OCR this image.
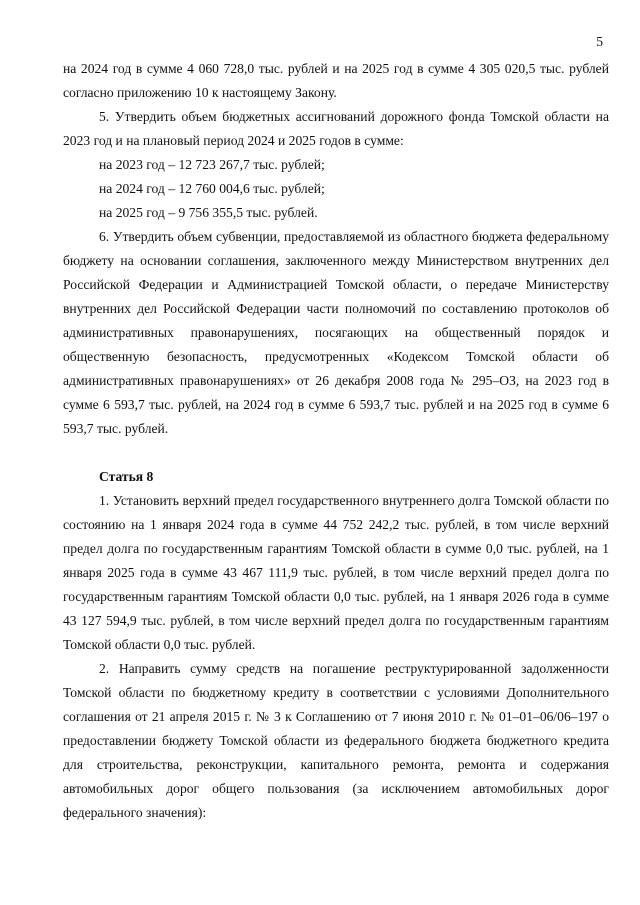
5

на 2024 год в сумме 4 060 728,0 тыс. рублей и на 2025 год в сумме 4 305 020,5 тыс. рублей согласно приложению 10 к настоящему Закону.

5. Утвердить объем бюджетных ассигнований дорожного фонда Томской области на 2023 год и на плановый период 2024 и 2025 годов в сумме:

на 2023 год – 12 723 267,7 тыс. рублей;

на 2024 год – 12 760 004,6 тыс. рублей;

на 2025 год – 9 756 355,5 тыс. рублей.

6. Утвердить объем субвенции, предоставляемой из областного бюджета федеральному бюджету на основании соглашения, заключенного между Министерством внутренних дел Российской Федерации и Администрацией Томской области, о передаче Министерству внутренних дел Российской Федерации части полномочий по составлению протоколов об административных правонарушениях, посягающих на общественный порядок и общественную безопасность, предусмотренных «Кодексом Томской области об административных правонарушениях» от 26 декабря 2008 года № 295–ОЗ, на 2023 год в сумме 6 593,7 тыс. рублей, на 2024 год в сумме 6 593,7 тыс. рублей и на 2025 год в сумме 6 593,7 тыс. рублей.

Статья 8

1. Установить верхний предел государственного внутреннего долга Томской области по состоянию на 1 января 2024 года в сумме 44 752 242,2 тыс. рублей, в том числе верхний предел долга по государственным гарантиям Томской области в сумме 0,0 тыс. рублей, на 1 января 2025 года в сумме 43 467 111,9 тыс. рублей, в том числе верхний предел долга по государственным гарантиям Томской области 0,0 тыс. рублей, на 1 января 2026 года в сумме 43 127 594,9 тыс. рублей, в том числе верхний предел долга по государственным гарантиям Томской области 0,0 тыс. рублей.

2. Направить сумму средств на погашение реструктурированной задолженности Томской области по бюджетному кредиту в соответствии с условиями Дополнительного соглашения от 21 апреля 2015 г. № 3 к Соглашению от 7 июня 2010 г. № 01–01–06/06–197 о предоставлении бюджету Томской области из федерального бюджета бюджетного кредита для строительства, реконструкции, капитального ремонта, ремонта и содержания автомобильных дорог общего пользования (за исключением автомобильных дорог федерального значения):
